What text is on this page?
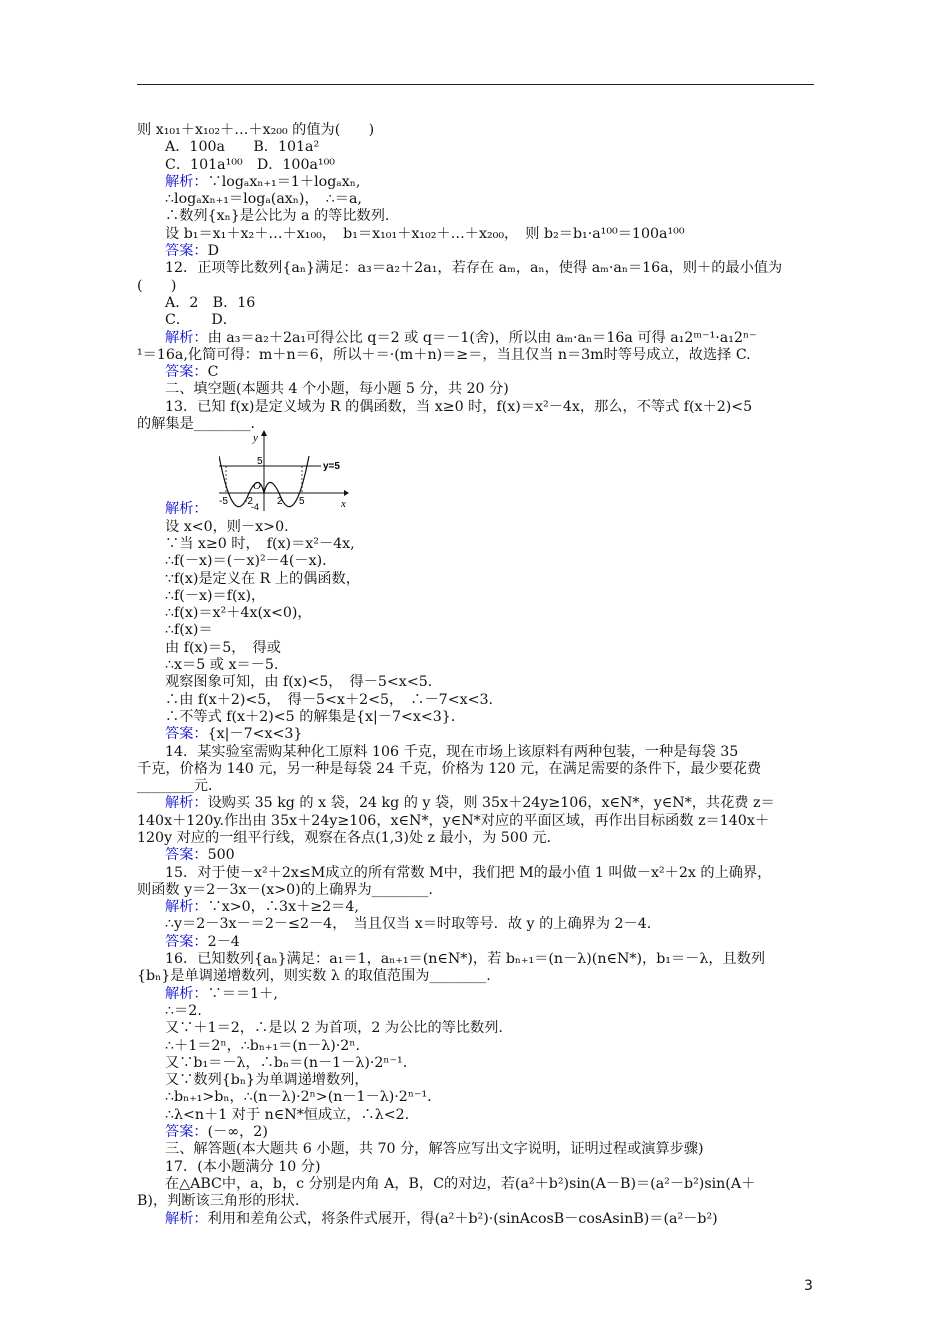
则 x₁₀₁＋x₁₀₂＋…＋x₂₀₀ 的值为(　　)
A．100a　　B．101a²
C．101a¹⁰⁰　D．100a¹⁰⁰
解析：∵logₐxₙ₊₁＝1＋logₐxₙ,
∴logₐxₙ₊₁＝logₐ(axₙ)，　∴＝a,
∴数列{xₙ}是公比为 a 的等比数列.
设 b₁＝x₁＋x₂＋…＋x₁₀₀，　b₁＝x₁₀₁＋x₁₀₂＋…＋x₂₀₀，　则 b₂＝b₁·a¹⁰⁰＝100a¹⁰⁰
答案：D
12．正项等比数列{aₙ}满足：a₃＝a₂＋2a₁，若存在 aₘ，aₙ，使得 aₘ·aₙ＝16a，则＋的最小值为
(　　)
A．2　B．16
C．　　D．
解析：由 a₃＝a₂＋2a₁可得公比 q＝2 或 q＝－1(舍)，所以由 aₘ·aₙ＝16a 可得 a₁2ᵐ⁻¹·a₁2ⁿ⁻
¹＝16a,化简可得：m＋n＝6，所以＋＝·(m＋n)＝≥＝，当且仅当 n＝3m时等号成立，故选择 C.
答案：C
二、填空题(本题共 4 个小题，每小题 5 分，共 20 分)
13．已知 f(x)是定义域为 R 的偶函数，当 x≥0 时，f(x)＝x²－4x，那么，不等式 f(x＋2)<5
的解集是________．
y
x
5	y=5
O
-5 -2 2 5
-4
解析：
设 x<0，则－x>0.
∵当 x≥0 时，　f(x)＝x²－4x,
∴f(－x)＝(－x)²－4(－x)．
∵f(x)是定义在 R 上的偶函数，
∴f(－x)＝f(x)，
∴f(x)＝x²＋4x(x<0)，
∴f(x)＝
由 f(x)＝5，　得或
∴x＝5 或 x＝－5.
观察图象可知，由 f(x)<5，　得－5<x<5.
∴由 f(x＋2)<5，　得－5<x＋2<5，　∴－7<x<3.
∴不等式 f(x＋2)<5 的解集是{x|－7<x<3}．
答案：{x|－7<x<3}
14．某实验室需购某种化工原料 106 千克，现在市场上该原料有两种包装，一种是每袋 35
千克，价格为 140 元，另一种是每袋 24 千克，价格为 120 元，在满足需要的条件下，最少要花费
________元．
解析：设购买 35 kg 的 x 袋，24 kg 的 y 袋，则 35x＋24y≥106，x∈N*，y∈N*，共花费 z＝
140x＋120y.作出由 35x＋24y≥106，x∈N*，y∈N*对应的平面区域，再作出目标函数 z＝140x＋
120y 对应的一组平行线，观察在各点(1,3)处 z 最小，为 500 元．
答案：500
15．对于使－x²＋2x≤M成立的所有常数 M中，我们把 M的最小值 1 叫做－x²＋2x 的上确界，
则函数 y＝2－3x－(x>0)的上确界为________.
解析：∵x>0，∴3x＋≥2＝4,
∴y＝2－3x－＝2－≤2－4，　当且仅当 x＝时取等号．故 y 的上确界为 2－4.
答案：2－4
16．已知数列{aₙ}满足：a₁＝1，aₙ₊₁＝(n∈N*)，若 bₙ₊₁＝(n－λ)(n∈N*)，b₁＝－λ，且数列
{bₙ}是单调递增数列，则实数 λ 的取值范围为________.
解析：∵＝＝1＋,
∴＝2.
又∵＋1＝2，∴是以 2 为首项，2 为公比的等比数列.
∴＋1＝2ⁿ，∴bₙ₊₁＝(n－λ)·2ⁿ.
又∵b₁＝－λ，∴bₙ＝(n－1－λ)·2ⁿ⁻¹.
又∵数列{bₙ}为单调递增数列，
∴bₙ₊₁>bₙ，∴(n－λ)·2ⁿ>(n－1－λ)·2ⁿ⁻¹.
∴λ<n＋1 对于 n∈N*恒成立，∴λ<2.
答案：(－∞，2)
三、解答题(本大题共 6 小题，共 70 分，解答应写出文字说明，证明过程或演算步骤)
17．(本小题满分 10 分)
在△ABC中，a，b，c 分别是内角 A，B，C的对边，若(a²＋b²)sin(A－B)＝(a²－b²)sin(A＋
B)，判断该三角形的形状.
解析：利用和差角公式，将条件式展开，得(a²＋b²)·(sinAcosB－cosAsinB)＝(a²－b²)
3
